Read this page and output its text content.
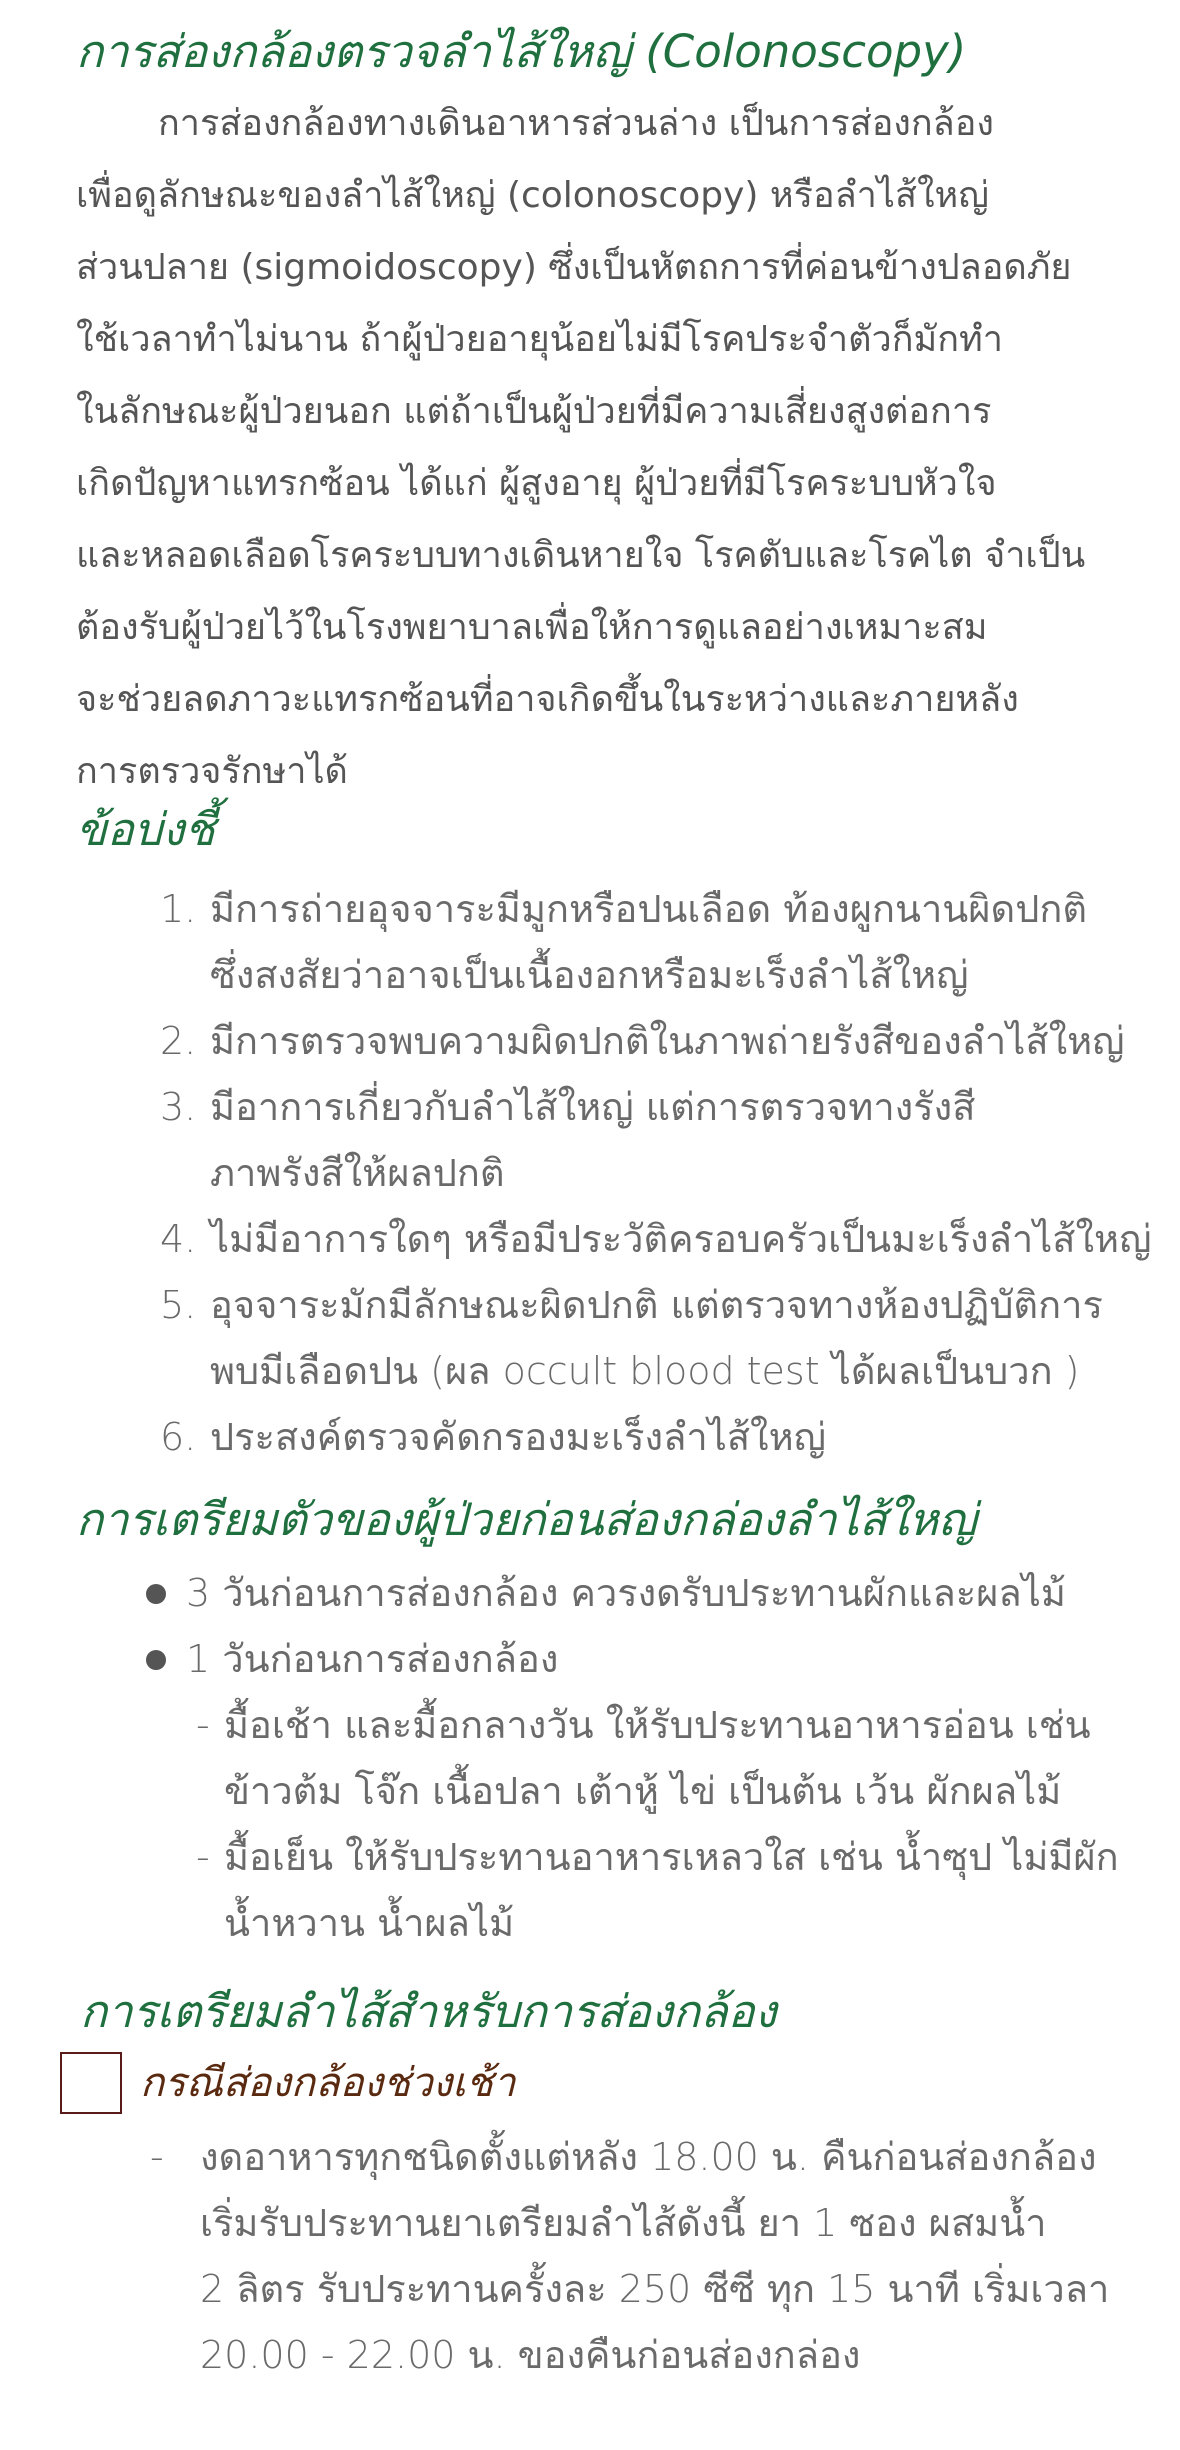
การส่องกล้องตรวจลำไส้ใหญ่ (Colonoscopy)
การส่องกล้องทางเดินอาหารส่วนล่าง เป็นการส่องกล้อง
เพื่อดูลักษณะของลำไส้ใหญ่ (colonoscopy) หรือลำไส้ใหญ่
ส่วนปลาย (sigmoidoscopy) ซึ่งเป็นหัตถการที่ค่อนข้างปลอดภัย
ใช้เวลาทำไม่นาน ถ้าผู้ป่วยอายุน้อยไม่มีโรคประจำตัวก็มักทำ
ในลักษณะผู้ป่วยนอก แต่ถ้าเป็นผู้ป่วยที่มีความเสี่ยงสูงต่อการ
เกิดปัญหาแทรกซ้อน ได้แก่ ผู้สูงอายุ ผู้ป่วยที่มีโรคระบบหัวใจ
และหลอดเลือดโรคระบบทางเดินหายใจ โรคตับและโรคไต จำเป็น
ต้องรับผู้ป่วยไว้ในโรงพยาบาลเพื่อให้การดูแลอย่างเหมาะสม
จะช่วยลดภาวะแทรกซ้อนที่อาจเกิดขึ้นในระหว่างและภายหลัง
การตรวจรักษาได้
ข้อบ่งชี้
1. มีการถ่ายอุจจาระมีมูกหรือปนเลือด ท้องผูกนานผิดปกติ
ซึ่งสงสัยว่าอาจเป็นเนื้องอกหรือมะเร็งลำไส้ใหญ่
2. มีการตรวจพบความผิดปกติในภาพถ่ายรังสีของลำไส้ใหญ่
3. มีอาการเกี่ยวกับลำไส้ใหญ่ แต่การตรวจทางรังสี
ภาพรังสีให้ผลปกติ
4. ไม่มีอาการใดๆ หรือมีประวัติครอบครัวเป็นมะเร็งลำไส้ใหญ่
5. อุจจาระมักมีลักษณะผิดปกติ แต่ตรวจทางห้องปฏิบัติการ
พบมีเลือดปน (ผล occult blood test ได้ผลเป็นบวก )
6. ประสงค์ตรวจคัดกรองมะเร็งลำไส้ใหญ่
การเตรียมตัวของผู้ป่วยก่อนส่องกล่องลำไส้ใหญ่
3 วันก่อนการส่องกล้อง ควรงดรับประทานผักและผลไม้
1 วันก่อนการส่องกล้อง
- มื้อเช้า และมื้อกลางวัน ให้รับประทานอาหารอ่อน เช่น
ข้าวต้ม โจ๊ก เนื้อปลา เต้าหู้ ไข่ เป็นต้น เว้น ผักผลไม้
- มื้อเย็น ให้รับประทานอาหารเหลวใส เช่น น้ำซุป ไม่มีผัก
น้ำหวาน น้ำผลไม้
การเตรียมลำไส้สำหรับการส่องกล้อง
กรณีส่องกล้องช่วงเช้า
- งดอาหารทุกชนิดตั้งแต่หลัง 18.00 น. คืนก่อนส่องกล้อง
เริ่มรับประทานยาเตรียมลำไส้ดังนี้ ยา 1 ซอง ผสมน้ำ
2 ลิตร รับประทานครั้งละ 250 ซีซี ทุก 15 นาที เริ่มเวลา
20.00 - 22.00 น. ของคืนก่อนส่องกล่อง
